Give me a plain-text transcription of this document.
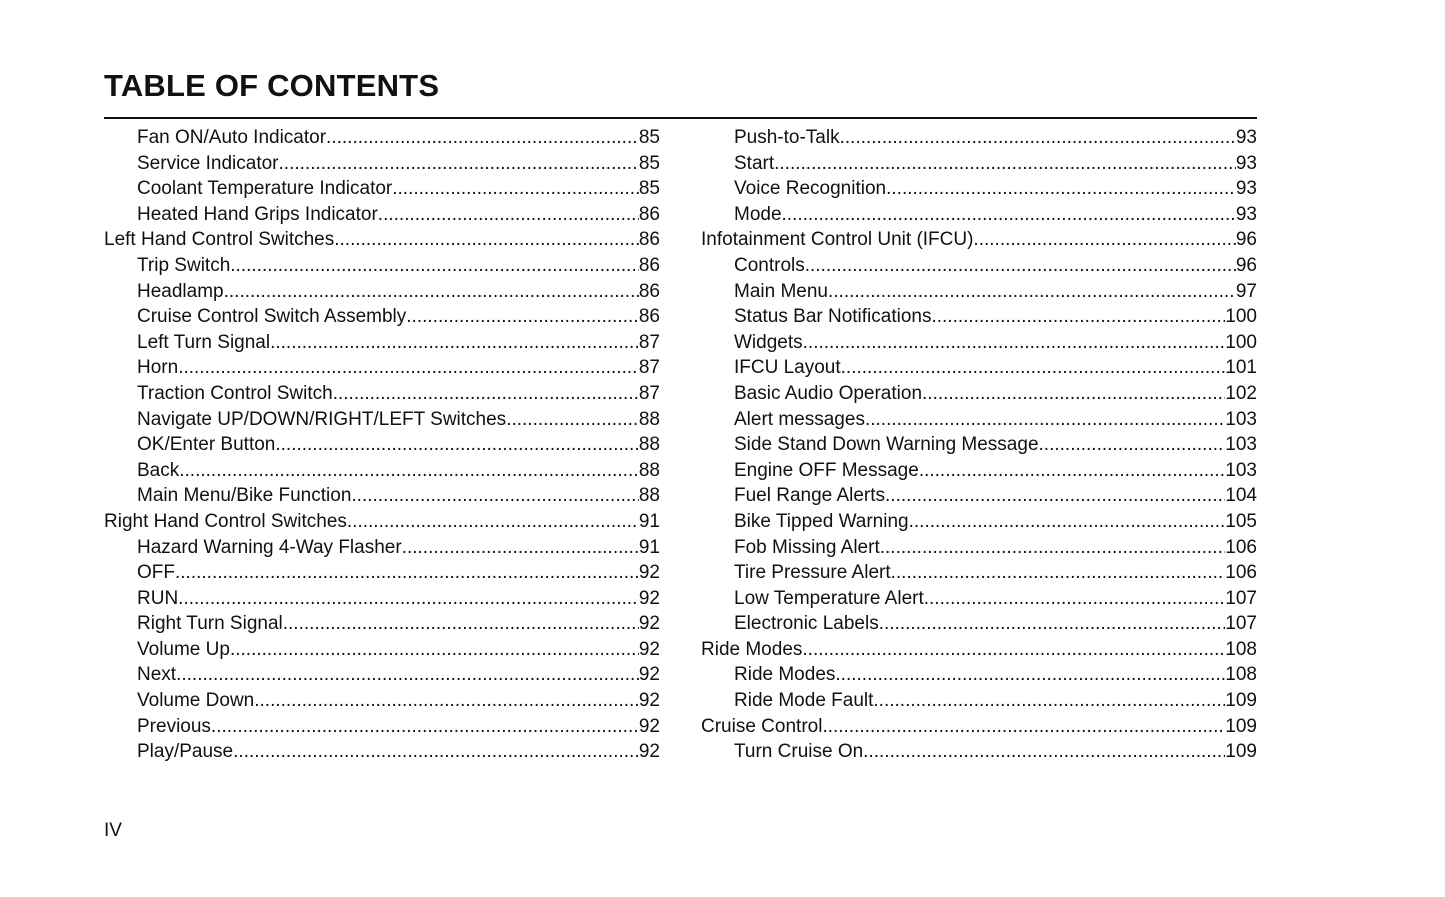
TABLE OF CONTENTS
Fan ON/Auto Indicator .....	85
Service Indicator .....	85
Coolant Temperature Indicator .....	85
Heated Hand Grips Indicator .....	86
Left Hand Control Switches .....	86
Trip Switch .....	86
Headlamp .....	86
Cruise Control Switch Assembly .....	86
Left Turn Signal .....	87
Horn .....	87
Traction Control Switch .....	87
Navigate UP/DOWN/RIGHT/LEFT Switches .....	88
OK/Enter Button .....	88
Back .....	88
Main Menu/Bike Function .....	88
Right Hand Control Switches .....	91
Hazard Warning 4-Way Flasher .....	91
OFF .....	92
RUN .....	92
Right Turn Signal .....	92
Volume Up .....	92
Next .....	92
Volume Down .....	92
Previous .....	92
Play/Pause .....	92
Push-to-Talk .....	93
Start .....	93
Voice Recognition .....	93
Mode .....	93
Infotainment Control Unit (IFCU) .....	96
Controls .....	96
Main Menu .....	97
Status Bar Notifications .....	100
Widgets .....	100
IFCU Layout .....	101
Basic Audio Operation .....	102
Alert messages .....	103
Side Stand Down Warning Message .....	103
Engine OFF Message .....	103
Fuel Range Alerts .....	104
Bike Tipped Warning .....	105
Fob Missing Alert .....	106
Tire Pressure Alert .....	106
Low Temperature Alert .....	107
Electronic Labels .....	107
Ride Modes .....	108
Ride Modes .....	108
Ride Mode Fault .....	109
Cruise Control .....	109
Turn Cruise On .....	109

IV
